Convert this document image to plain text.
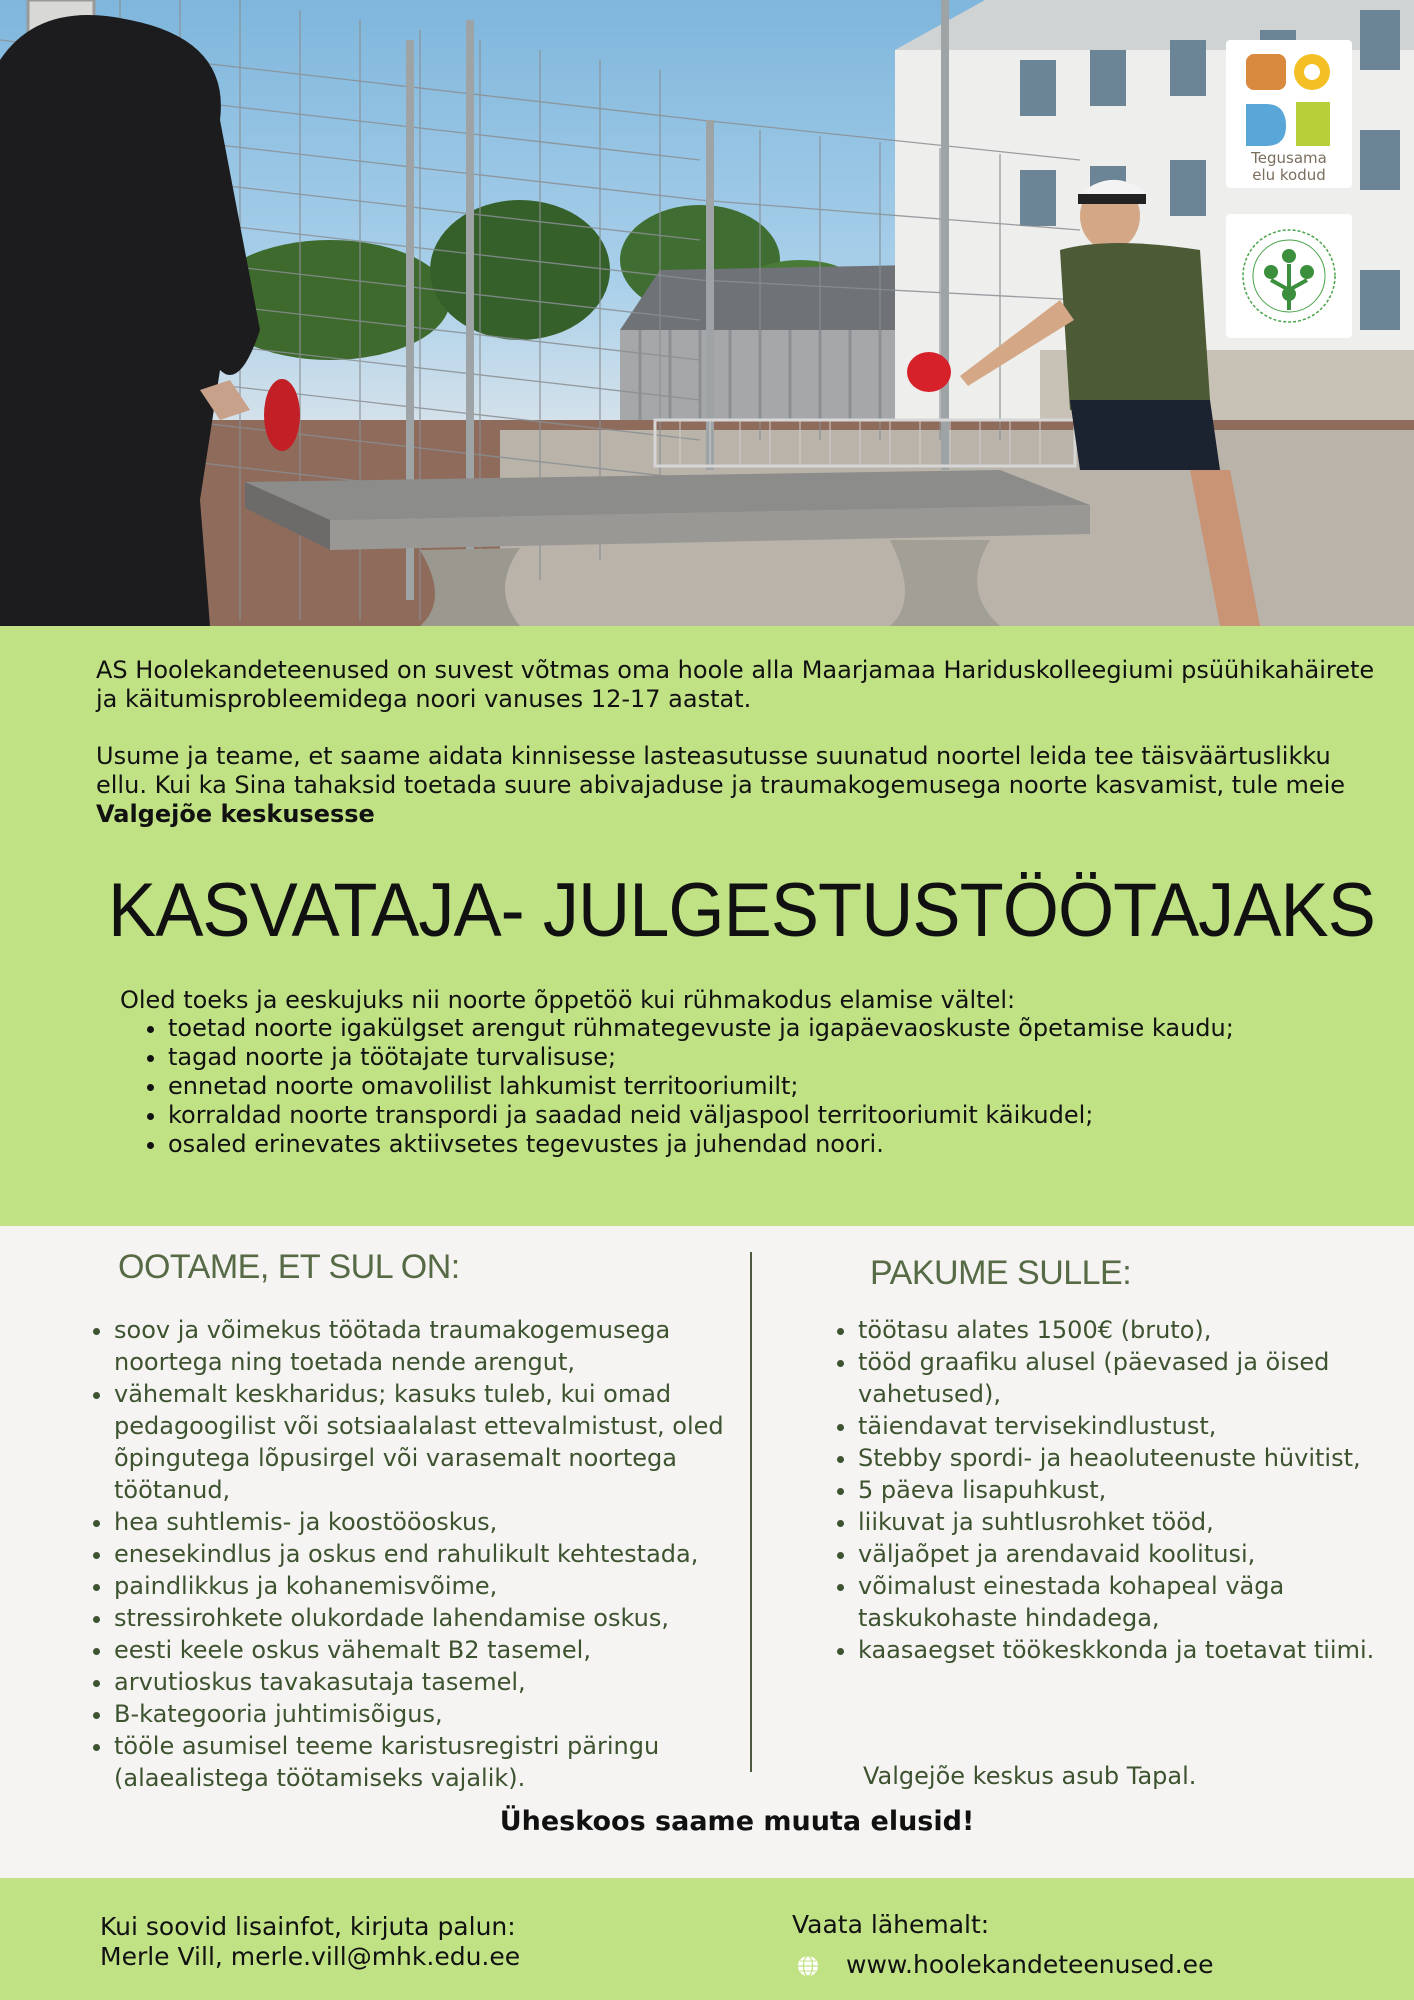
Tegusama
elu kodud

AS Hoolekandeteenused on suvest võtmas oma hoole alla Maarjamaa Hariduskolleegiumi psüühikahäirete ja käitumisprobleemidega noori vanuses 12-17 aastat.

Usume ja teame, et saame aidata kinnisesse lasteasutusse suunatud noortel leida tee täisväärtuslikku ellu. Kui ka Sina tahaksid toetada suure abivajaduse ja traumakogemusega noorte kasvamist, tule meie Valgejõe keskusesse

KASVATAJA- JULGESTUSTÖÖTAJAKS

Oled toeks ja eeskujuks nii noorte õppetöö kui rühmakodus elamise vältel:

• toetad noorte igakülgset arengut rühmategevuste ja igapäevaoskuste õpetamise kaudu;
• tagad noorte ja töötajate turvalisuse;
• ennetad noorte omavolilist lahkumist territooriumilt;
• korraldad noorte transpordi ja saadad neid väljaspool territooriumit käikudel;
• osaled erinevates aktiivsetes tegevustes ja juhendad noori.
OOTAME, ET SUL ON:
• soov ja võimekus töötada traumakogemusega noortega ning toetada nende arengut,
• vähemalt keskharidus; kasuks tuleb, kui omad pedagoogilist või sotsiaalalast ettevalmistust, oled õpingutega lõpusirgel või varasemalt noortega töötanud,
• hea suhtlemis- ja koostööoskus,
• enesekindlus ja oskus end rahulikult kehtestada,
• paindlikkus ja kohanemisvõime,
• stressirohkete olukordade lahendamise oskus,
• eesti keele oskus vähemalt B2 tasemel,
• arvutioskus tavakasutaja tasemel,
• B-kategooria juhtimisõigus,
• tööle asumisel teeme karistusregistri päringu (alaealistega töötamiseks vajalik).
PAKUME SULLE:
• töötasu alates 1500€ (bruto),
• tööd graafiku alusel (päevased ja öised vahetused),
• täiendavat tervisekindlustust,
• Stebby spordi- ja heaoluteenuste hüvitist,
• 5 päeva lisapuhkust,
• liikuvat ja suhtlusrohket tööd,
• väljaõpet ja arendavaid koolitusi,
• võimalust einestada kohapeal väga taskukohaste hindadega,
• kaasaegset töökeskkonda ja toetavat tiimi.

Valgejõe keskus asub Tapal.

Üheskoos saame muuta elusid!

Kui soovid lisainfot, kirjuta palun:

Merle Vill, merle.vill@mhk.edu.ee

Vaata lähemalt:

www.hoolekandeteenused.ee
